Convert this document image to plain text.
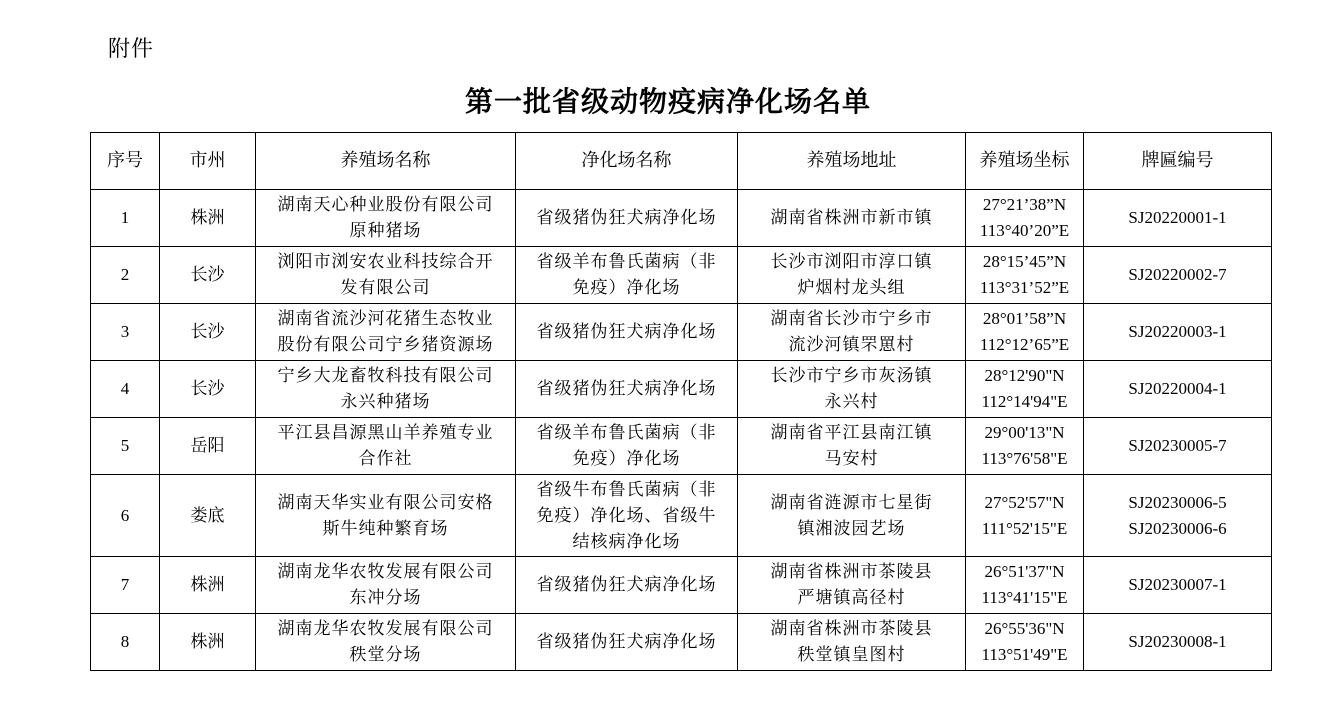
附件
第一批省级动物疫病净化场名单
序号	市州	养殖场名称	净化场名称	养殖场地址	养殖场坐标	牌匾编号
1	株洲	湖南天心种业股份有限公司
原种猪场	省级猪伪狂犬病净化场	湖南省株洲市新市镇	27°21’38”N
113°40’20”E	SJ20220001-1

2	长沙	浏阳市浏安农业科技综合开
发有限公司	省级羊布鲁氏菌病（非
免疫）净化场	长沙市浏阳市淳口镇
炉烟村龙头组	28°15’45”N
113°31’52”E	SJ20220002-7

3	长沙	湖南省流沙河花猪生态牧业
股份有限公司宁乡猪资源场	省级猪伪狂犬病净化场	湖南省长沙市宁乡市
流沙河镇罘罳村	28°01’58”N
112°12’65”E	SJ20220003-1

4	长沙	宁乡大龙畜牧科技有限公司
永兴种猪场	省级猪伪狂犬病净化场	长沙市宁乡市灰汤镇
永兴村	28°12'90"N
112°14'94"E	SJ20220004-1

5	岳阳	平江县昌源黑山羊养殖专业
合作社	省级羊布鲁氏菌病（非
免疫）净化场	湖南省平江县南江镇
马安村	29°00'13"N
113°76'58"E	SJ20230005-7

6	娄底	湖南天华实业有限公司安格
斯牛纯种繁育场	省级牛布鲁氏菌病（非
免疫）净化场、省级牛
结核病净化场	湖南省涟源市七星街
镇湘波园艺场	27°52'57"N
111°52'15"E	SJ20230006-5
SJ20230006-6

7	株洲	湖南龙华农牧发展有限公司
东冲分场	省级猪伪狂犬病净化场	湖南省株洲市茶陵县
严塘镇高径村	26°51'37"N
113°41'15"E	SJ20230007-1

8	株洲	湖南龙华农牧发展有限公司
秩堂分场	省级猪伪狂犬病净化场	湖南省株洲市茶陵县
秩堂镇皇图村	26°55'36"N
113°51'49"E	SJ20230008-1
